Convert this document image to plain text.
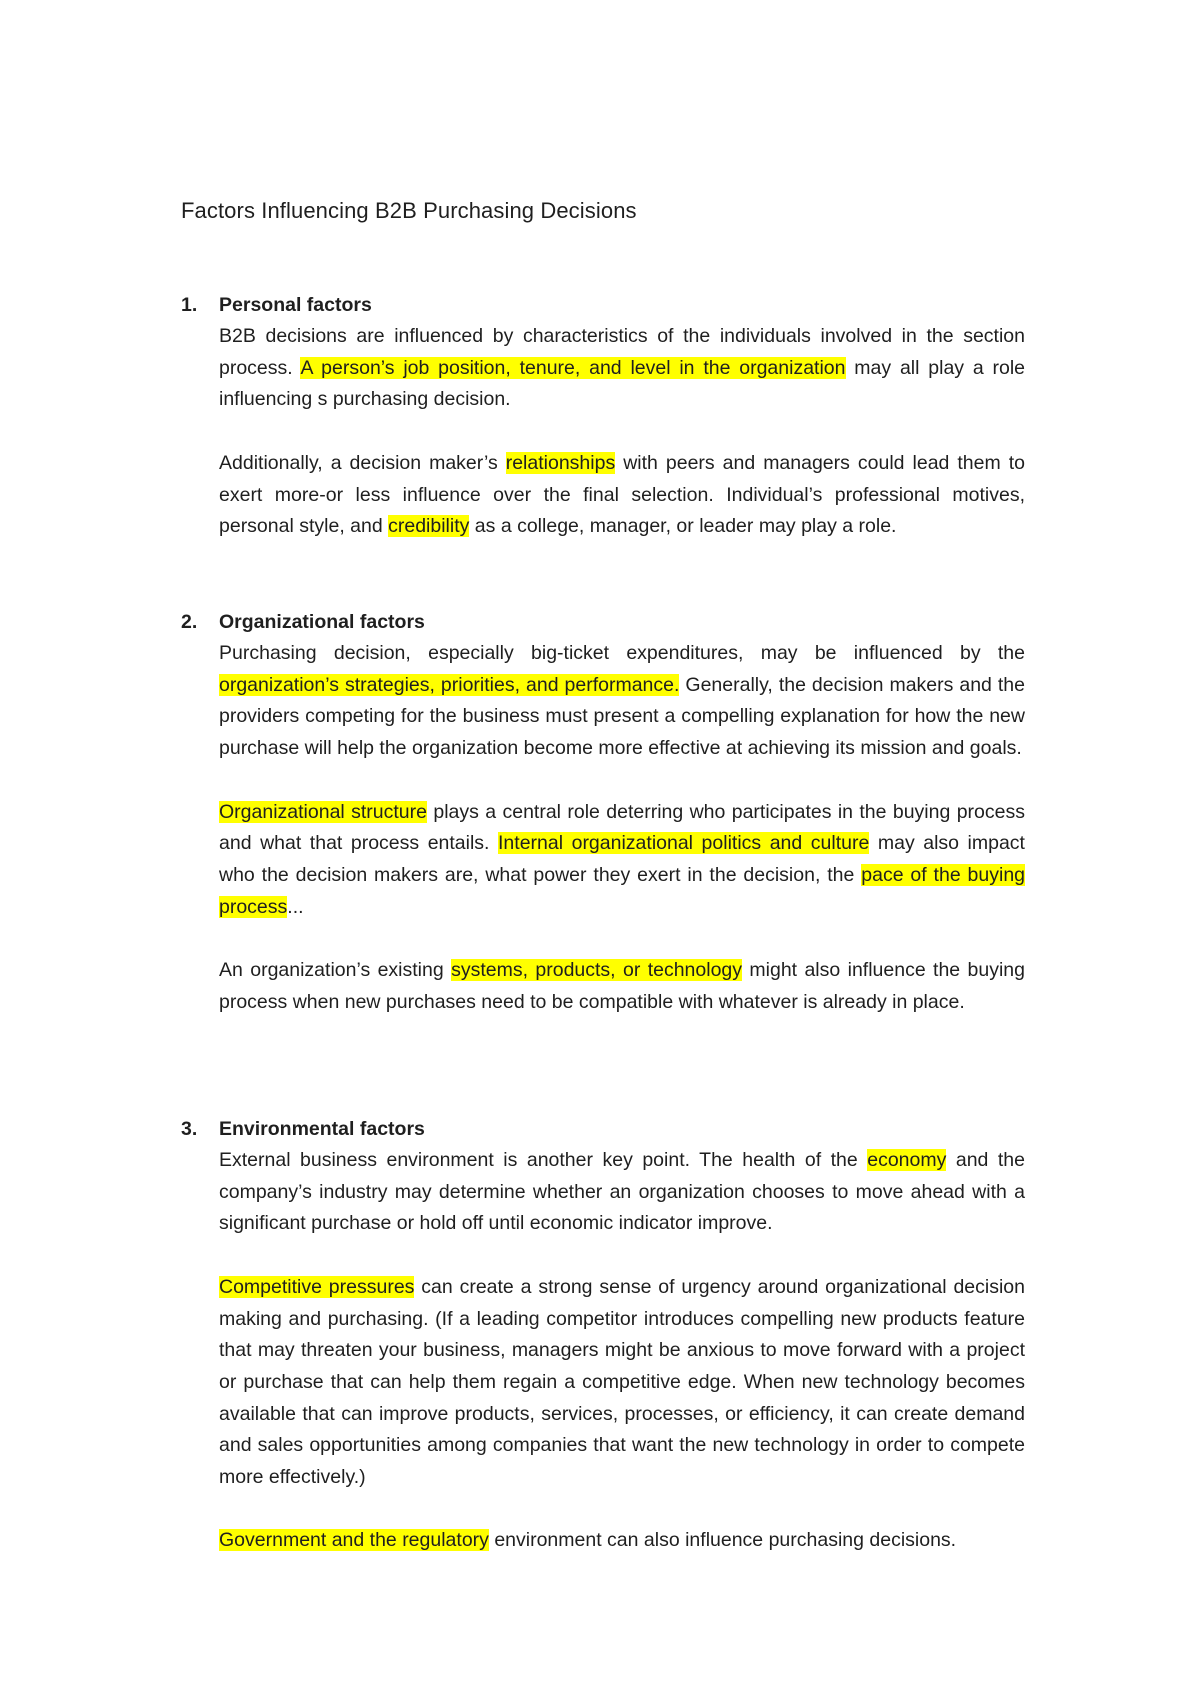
Factors Influencing B2B Purchasing Decisions
1. Personal factors

B2B decisions are influenced by characteristics of the individuals involved in the section process. A person’s job position, tenure, and level in the organization may all play a role influencing s purchasing decision.

Additionally, a decision maker’s relationships with peers and managers could lead them to exert more-or less influence over the final selection. Individual’s professional motives, personal style, and credibility as a college, manager, or leader may play a role.

2. Organizational factors

Purchasing decision, especially big-ticket expenditures, may be influenced by the organization’s strategies, priorities, and performance. Generally, the decision makers and the providers competing for the business must present a compelling explanation for how the new purchase will help the organization become more effective at achieving its mission and goals.

Organizational structure plays a central role deterring who participates in the buying process and what that process entails. Internal organizational politics and culture may also impact who the decision makers are, what power they exert in the decision, the pace of the buying process...

An organization’s existing systems, products, or technology might also influence the buying process when new purchases need to be compatible with whatever is already in place.

3. Environmental factors

External business environment is another key point. The health of the economy and the company’s industry may determine whether an organization chooses to move ahead with a significant purchase or hold off until economic indicator improve.

Competitive pressures can create a strong sense of urgency around organizational decision making and purchasing. (If a leading competitor introduces compelling new products feature that may threaten your business, managers might be anxious to move forward with a project or purchase that can help them regain a competitive edge. When new technology becomes available that can improve products, services, processes, or efficiency, it can create demand and sales opportunities among companies that want the new technology in order to compete more effectively.)

Government and the regulatory environment can also influence purchasing decisions.
